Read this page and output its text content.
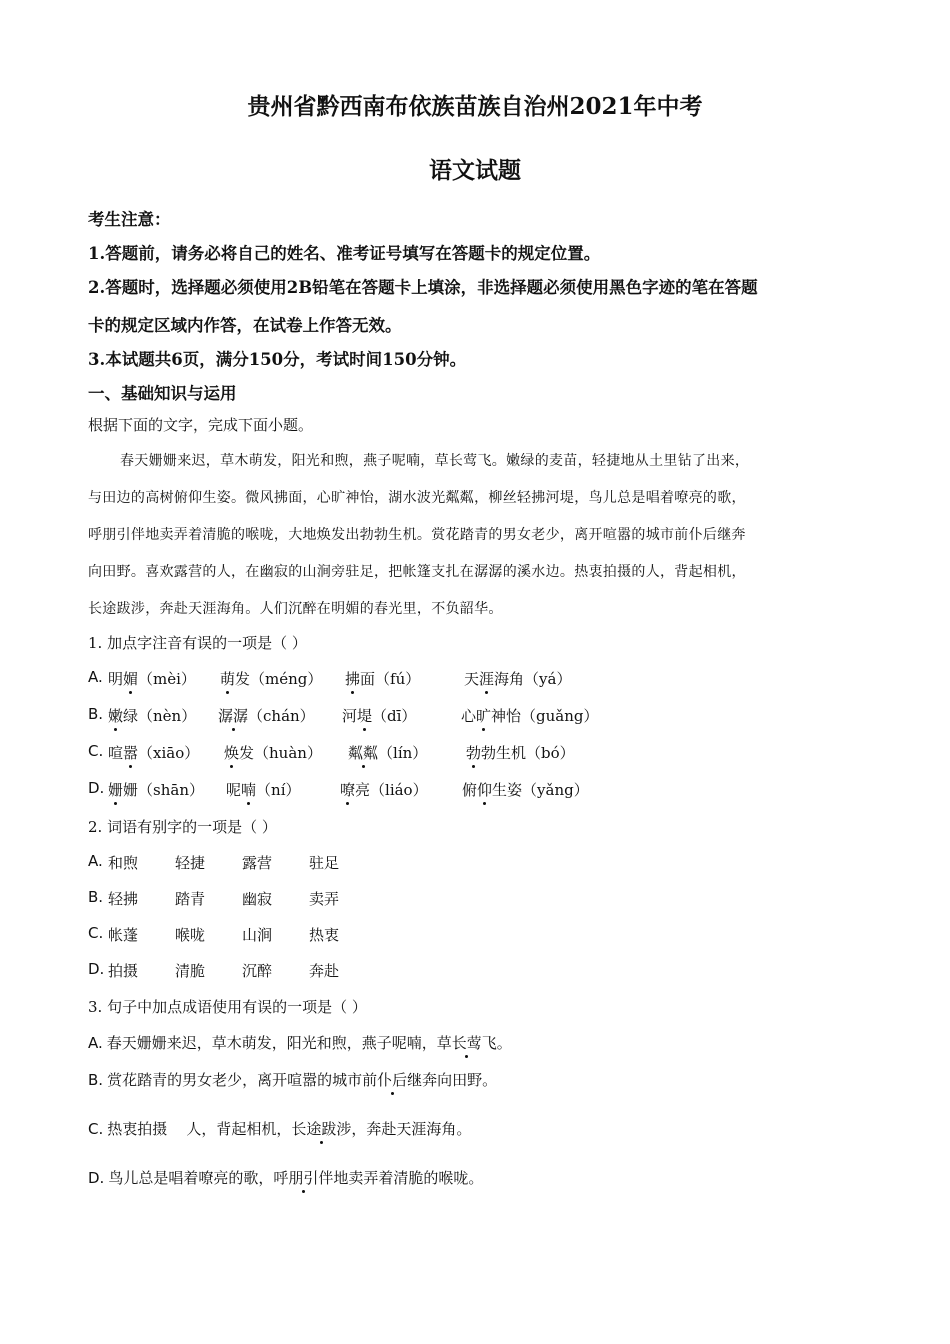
贵州省黔西南布依族苗族自治州2021年中考
语文试题
考生注意：
1.答题前，请务必将自己的姓名、准考证号填写在答题卡的规定位置。
2.答题时，选择题必须使用2B铅笔在答题卡上填涂，非选择题必须使用黑色字迹的笔在答题
卡的规定区域内作答，在试卷上作答无效。
3.本试题共6页，满分150分，考试时间150分钟。
一、基础知识与运用
根据下面的文字，完成下面小题。
春天姗姗来迟，草木萌发，阳光和煦，燕子呢喃，草长莺飞。嫩绿的麦苗，轻捷地从土里钻了出来，
与田边的高树俯仰生姿。微风拂面，心旷神怡，湖水波光粼粼，柳丝轻拂河堤，鸟儿总是唱着嘹亮的歌，
呼朋引伴地卖弄着清脆的喉咙，大地焕发出勃勃生机。赏花踏青的男女老少，离开喧嚣的城市前仆后继奔
向田野。喜欢露营的人，在幽寂的山涧旁驻足，把帐篷支扎在潺潺的溪水边。热衷拍摄的人，背起相机，
长途跋涉，奔赴天涯海角。人们沉醉在明媚的春光里，不负韶华。
1. 加点字注音有误的一项是（ ）
A. 明媚（mèi） 萌发（méng） 拂面（fú）	天涯海角（yá）
B. 嫩绿（nèn） 潺潺（chán） 河堤（dī）	心旷神怡（guǎng）
C. 喧嚣（xiāo） 焕发（huàn） 粼粼（lín）	勃勃生机（bó）
D. 姗姗（shān） 呢喃（ní）	嘹亮（liáo） 俯仰生姿（yǎng）
2. 词语有别字的一项是（ ）
A. 和煦 轻捷 露营 驻足
B. 轻拂 踏青 幽寂 卖弄
C. 帐蓬 喉咙 山涧 热衷
D. 拍摄 清脆 沉醉 奔赴
3. 句子中加点成语使用有误的一项是（ ）
A. 春天姗姗来迟，草木萌发，阳光和煦，燕子呢喃，草长莺飞。
B. 赏花踏青的男女老少，离开喧嚣的城市前仆后继奔向田野。
C. 热衷拍摄    人，背起相机，长途跋涉，奔赴天涯海角。
D. 鸟儿总是唱着嘹亮的歌，呼朋引伴地卖弄着清脆的喉咙。
